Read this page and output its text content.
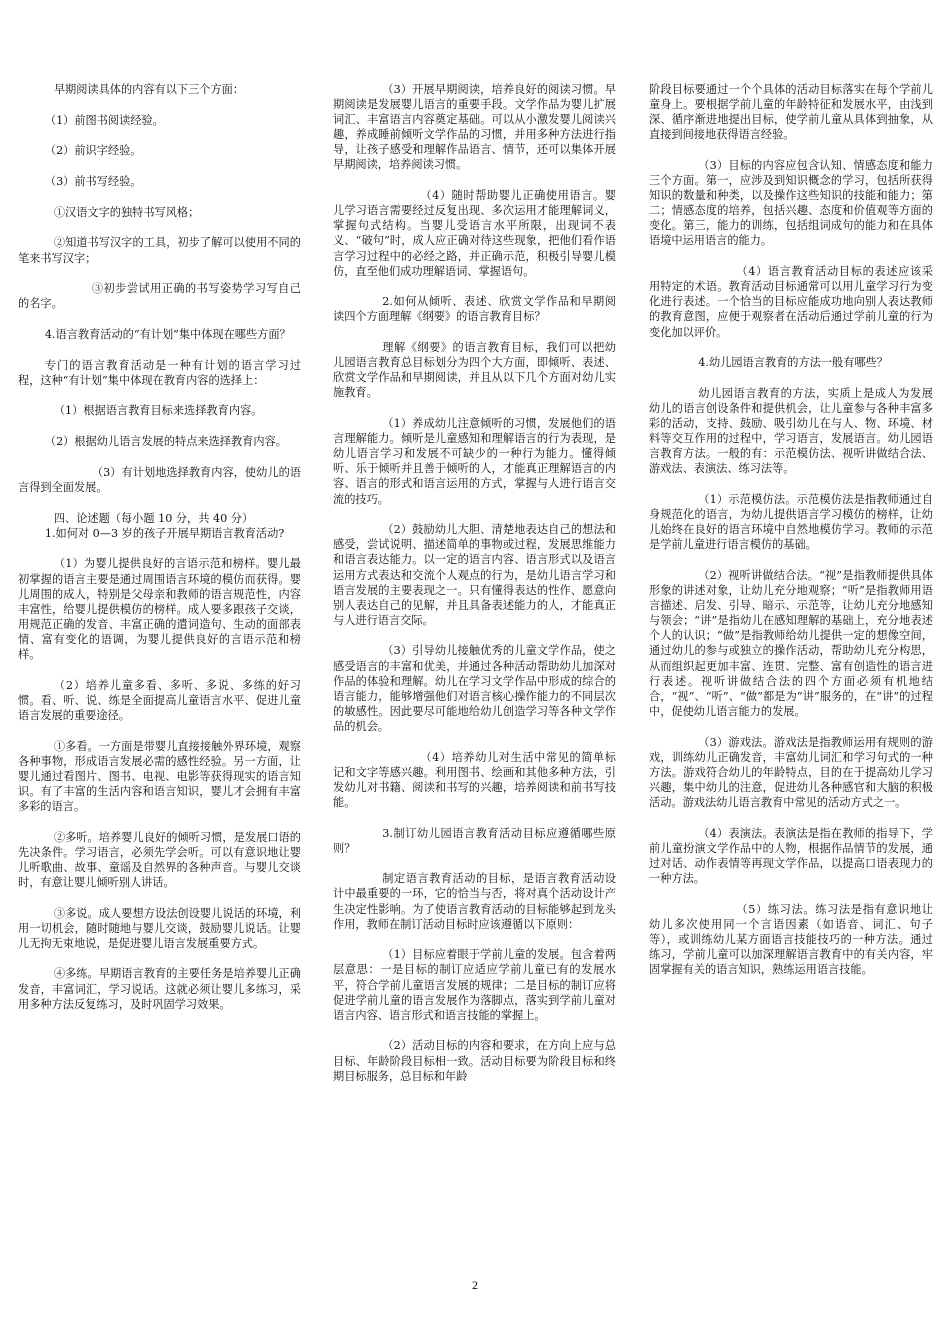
早期阅读具体的内容有以下三个方面：

（1）前图书阅读经验。

（2）前识字经验。

（3）前书写经验。

①汉语文字的独特书写风格；

②知道书写汉字的工具，初步了解可以使用不同的笔来书写汉字；

③初步尝试用正确的书写姿势学习写自己的名字。

4.语言教育活动的“有计划”集中体现在哪些方面？

专门的语言教育活动是一种有计划的语言学习过程，这种“有计划”集中体现在教育内容的选择上：

（1）根据语言教育目标来选择教育内容。

（2）根据幼儿语言发展的特点来选择教育内容。

（3）有计划地选择教育内容，使幼儿的语言得到全面发展。

四、论述题（每小题 10 分，共 40 分）

1.如何对 0—3 岁的孩子开展早期语言教育活动?

（1）为婴儿提供良好的言语示范和榜样。婴儿最初掌握的语言主要是通过周围语言环境的模仿而获得。婴儿周围的成人，特别是父母亲和教师的语言规范性，内容丰富性，给婴儿提供模仿的榜样。成人要多跟孩子交谈，用规范正确的发音、丰富正确的遣词造句、生动的面部表情、富有变化的语调，为婴儿提供良好的言语示范和榜样。

（2）培养儿童多看、多听、多说、多练的好习惯。看、听、说、练是全面提高儿童语言水平、促进儿童语言发展的重要途径。

①多看。一方面是带婴儿直接接触外界环境，观察各种事物，形成语言发展必需的感性经验。另一方面，让婴儿通过看图片、图书、电视、电影等获得现实的语言知识。有了丰富的生活内容和语言知识，婴儿才会拥有丰富多彩的语言。

②多听。培养婴儿良好的倾听习惯，是发展口语的先决条件。学习语言，必须先学会听。可以有意识地让婴儿听歌曲、故事、童谣及自然界的各种声音。与婴儿交谈时，有意让婴儿倾听别人讲话。

③多说。成人要想方设法创设婴儿说话的环境，利用一切机会，随时随地与婴儿交谈，鼓励婴儿说话。让婴儿无拘无束地说，是促进婴儿语言发展重要方式。

④多练。早期语言教育的主要任务是培养婴儿正确发音，丰富词汇，学习说话。这就必须让婴儿多练习，采用多种方法反复练习，及时巩固学习效果。

（3）开展早期阅读，培养良好的阅读习惯。早期阅读是发展婴儿语言的重要手段。文学作品为婴儿扩展词汇、丰富语言内容奠定基础。可以从小激发婴儿阅读兴趣，养成睡前倾听文学作品的习惯，并用多种方法进行指导，让孩子感受和理解作品语言、情节，还可以集体开展早期阅读，培养阅读习惯。

（4）随时帮助婴儿正确使用语言。婴儿学习语言需要经过反复出现、多次运用才能理解词义，掌握句式结构。当婴儿受语言水平所限，出现词不表义、“破句”时，成人应正确对待这些现象，把他们看作语言学习过程中的必经之路，并正确示范，积极引导婴儿模仿，直至他们成功理解语词、掌握语句。

2.如何从倾听、表述、欣赏文学作品和早期阅读四个方面理解《纲要》的语言教育目标？

理解《纲要》的语言教育目标，我们可以把幼儿园语言教育总目标划分为四个大方面，即倾听、表述、欣赏文学作品和早期阅读，并且从以下几个方面对幼儿实施教育。

（1）养成幼儿注意倾听的习惯，发展他们的语言理解能力。倾听是儿童感知和理解语言的行为表现，是幼儿语言学习和发展不可缺少的一种行为能力。懂得倾听、乐于倾听并且善于倾听的人，才能真正理解语言的内容、语言的形式和语言运用的方式，掌握与人进行语言交流的技巧。

（2）鼓励幼儿大胆、清楚地表达自己的想法和感受，尝试说明、描述简单的事物或过程，发展思维能力和语言表达能力。以一定的语言内容、语言形式以及语言运用方式表达和交流个人观点的行为，是幼儿语言学习和语言发展的主要表现之一。只有懂得表达的性作、愿意向别人表达自己的见解，并且具备表述能力的人，才能真正与人进行语言交际。

（3）引导幼儿接触优秀的儿童文学作品，使之感受语言的丰富和优美，并通过各种活动帮助幼儿加深对作品的体验和理解。幼儿在学习文学作品中形成的综合的语言能力，能够增强他们对语言核心操作能力的不同层次的敏感性。因此要尽可能地给幼儿创造学习等各种文学作品的机会。

（4）培养幼儿对生活中常见的简单标记和文字等感兴趣。利用图书、绘画和其他多种方法，引发幼儿对书籍、阅读和书写的兴趣，培养阅读和前书写技能。

3.制订幼儿园语言教育活动目标应遵循哪些原则？

制定语言教育活动的目标，是语言教育活动设计中最重要的一环，它的恰当与否，将对真个活动设计产生决定性影响。为了使语言教育活动的目标能够起到龙头作用，教师在制订活动目标时应该遵循以下原则：

（1）目标应着眼于学前儿童的发展。包含着两层意思：一是目标的制订应适应学前儿童已有的发展水平，符合学前儿童语言发展的规律；二是目标的制订应将促进学前儿童的语言发展作为落脚点，落实到学前儿童对语言内容、语言形式和语言技能的掌握上。

（2）活动目标的内容和要求，在方向上应与总目标、年龄阶段目标相一致。活动目标要为阶段目标和终期目标服务，总目标和年龄

阶段目标要通过一个个具体的活动目标落实在每个学前儿童身上。要根据学前儿童的年龄特征和发展水平，由浅到深、循序渐进地提出目标，使学前儿童从具体到抽象，从直接到间接地获得语言经验。

（3）目标的内容应包含认知、情感态度和能力三个方面。第一，应涉及到知识概念的学习，包括所获得知识的数量和种类，以及操作这些知识的技能和能力；第二；情感态度的培养，包括兴趣、态度和价值观等方面的变化。第三，能力的训练，包括组词成句的能力和在具体语境中运用语言的能力。

（4）语言教育活动目标的表述应该采用特定的术语。教育活动目标通常可以用儿童学习行为变化进行表述。一个恰当的目标应能成功地向别人表达教师的教育意图，应便于观察者在活动后通过学前儿童的行为变化加以评价。

4.幼儿园语言教育的方法一般有哪些？

幼儿园语言教育的方法，实质上是成人为发展幼儿的语言创设条件和提供机会，让儿童参与各种丰富多彩的活动，支持、鼓励、吸引幼儿在与人、物、环境、材料等交互作用的过程中，学习语言，发展语言。幼儿园语言教育方法。一般的有：示范模仿法、视听讲做结合法、游戏法、表演法、练习法等。

（1）示范模仿法。示范模仿法是指教师通过自身规范化的语言，为幼儿提供语言学习模仿的榜样，让幼儿始终在良好的语言环境中自然地模仿学习。教师的示范是学前儿童进行语言模仿的基础。

（2）视听讲做结合法。“视”是指教师提供具体形象的讲述对象，让幼儿充分地观察；“听”是指教师用语言描述、启发、引导、暗示、示范等，让幼儿充分地感知与领会；“讲”是指幼儿在感知理解的基础上，充分地表述个人的认识；“做”是指教师给幼儿提供一定的想像空间，通过幼儿的参与或独立的操作活动，帮助幼儿充分构思，从而组织起更加丰富、连贯、完整、富有创造性的语言进行表述。视听讲做结合法的四个方面必须有机地结合，“视”、“听”、“做”都是为“讲”服务的，在“讲”的过程中，促使幼儿语言能力的发展。

（3）游戏法。游戏法是指教师运用有规则的游戏，训练幼儿正确发音，丰富幼儿词汇和学习句式的一种方法。游戏符合幼儿的年龄特点，目的在于提高幼儿学习兴趣，集中幼儿的注意，促进幼儿各种感官和大脑的积极活动。游戏法幼儿语言教育中常见的活动方式之一。

（4）表演法。表演法是指在教师的指导下，学前儿童扮演文学作品中的人物，根据作品情节的发展，通过对话、动作表情等再现文学作品，以提高口语表现力的一种方法。

（5）练习法。练习法是指有意识地让幼儿多次使用同一个言语因素（如语音、词汇、句子等），或训练幼儿某方面语言技能技巧的一种方法。通过练习，学前儿童可以加深理解语言教育中的有关内容，牢固掌握有关的语言知识，熟练运用语言技能。

2
